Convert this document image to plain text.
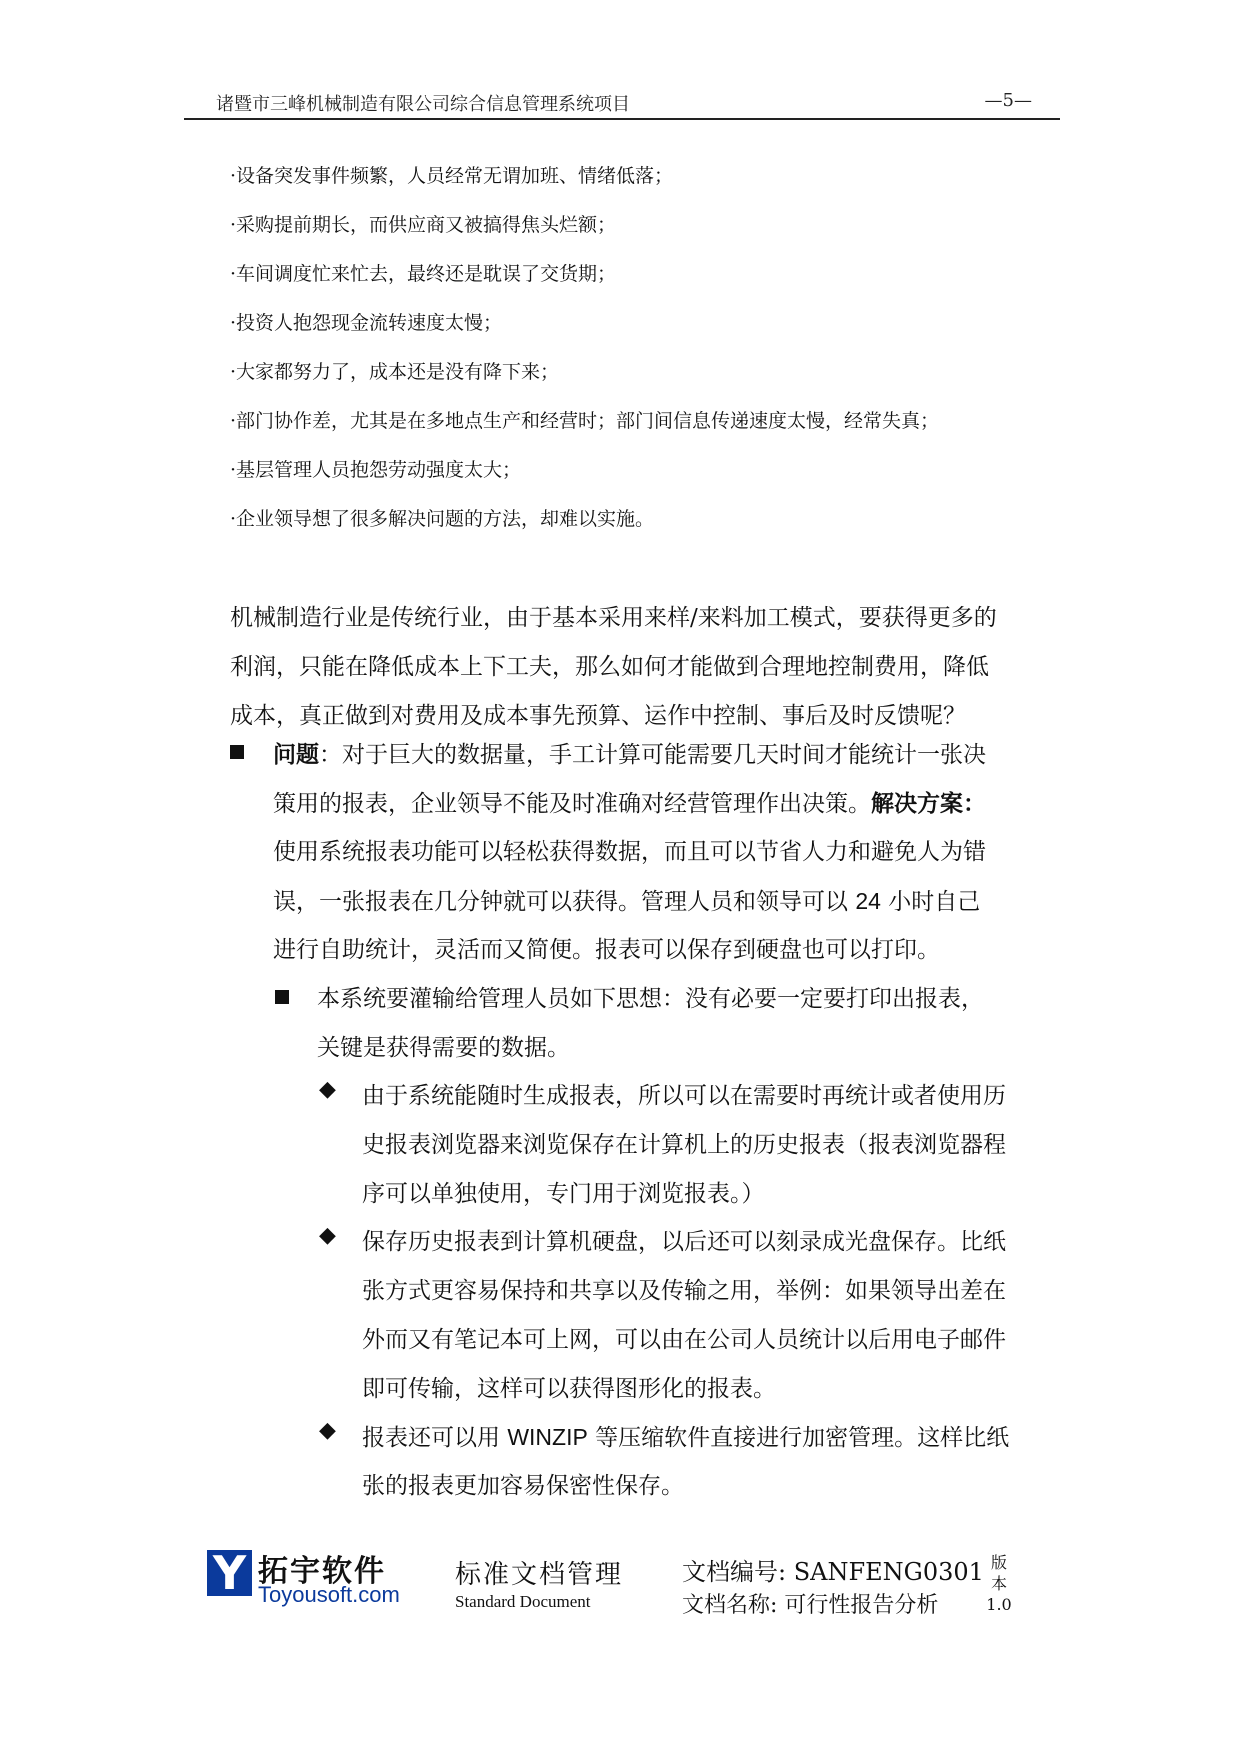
诸暨市三峰机械制造有限公司综合信息管理系统项目	—5—
·设备突发事件频繁，人员经常无谓加班、情绪低落；
·采购提前期长，而供应商又被搞得焦头烂额；
·车间调度忙来忙去，最终还是耽误了交货期；
·投资人抱怨现金流转速度太慢；
·大家都努力了，成本还是没有降下来；
·部门协作差，尤其是在多地点生产和经营时；部门间信息传递速度太慢，经常失真；
·基层管理人员抱怨劳动强度太大；
·企业领导想了很多解决问题的方法，却难以实施。
机械制造行业是传统行业，由于基本采用来样/来料加工模式，要获得更多的
利润，只能在降低成本上下工夫，那么如何才能做到合理地控制费用，降低
成本，真正做到对费用及成本事先预算、运作中控制、事后及时反馈呢？
问题：对于巨大的数据量，手工计算可能需要几天时间才能统计一张决
策用的报表，企业领导不能及时准确对经营管理作出决策。解决方案：
使用系统报表功能可以轻松获得数据，而且可以节省人力和避免人为错
误，一张报表在几分钟就可以获得。管理人员和领导可以 24 小时自己
进行自助统计，灵活而又简便。报表可以保存到硬盘也可以打印。
本系统要灌输给管理人员如下思想：没有必要一定要打印出报表，
关键是获得需要的数据。
◆ 由于系统能随时生成报表，所以可以在需要时再统计或者使用历
史报表浏览器来浏览保存在计算机上的历史报表（报表浏览器程
序可以单独使用，专门用于浏览报表。）
◆ 保存历史报表到计算机硬盘，以后还可以刻录成光盘保存。比纸
张方式更容易保持和共享以及传输之用，举例：如果领导出差在
外而又有笔记本可上网，可以由在公司人员统计以后用电子邮件
即可传输，这样可以获得图形化的报表。
◆ 报表还可以用 WINZIP 等压缩软件直接进行加密管理。这样比纸
张的报表更加容易保密性保存。
Y 拓宇软件
Toyousoft.com
标准文档管理
Standard Document
文档编号: SANFENG0301
文档名称: 可行性报告分析
版
本
1.0
